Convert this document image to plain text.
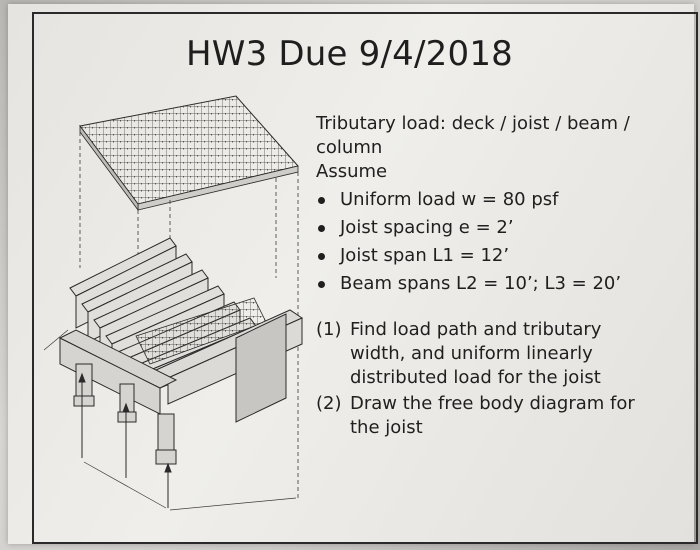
HW3 Due 9/4/2018

Tributary load: deck / joist / beam / column

Assume

Uniform load w = 80 psf
Joist spacing e = 2’
Joist span L1 = 12’
Beam spans L2 = 10’; L3 = 20’
(1) Find load path and tributary width, and uniform linearly distributed load for the joist
(2) Draw the free body diagram for the joist
